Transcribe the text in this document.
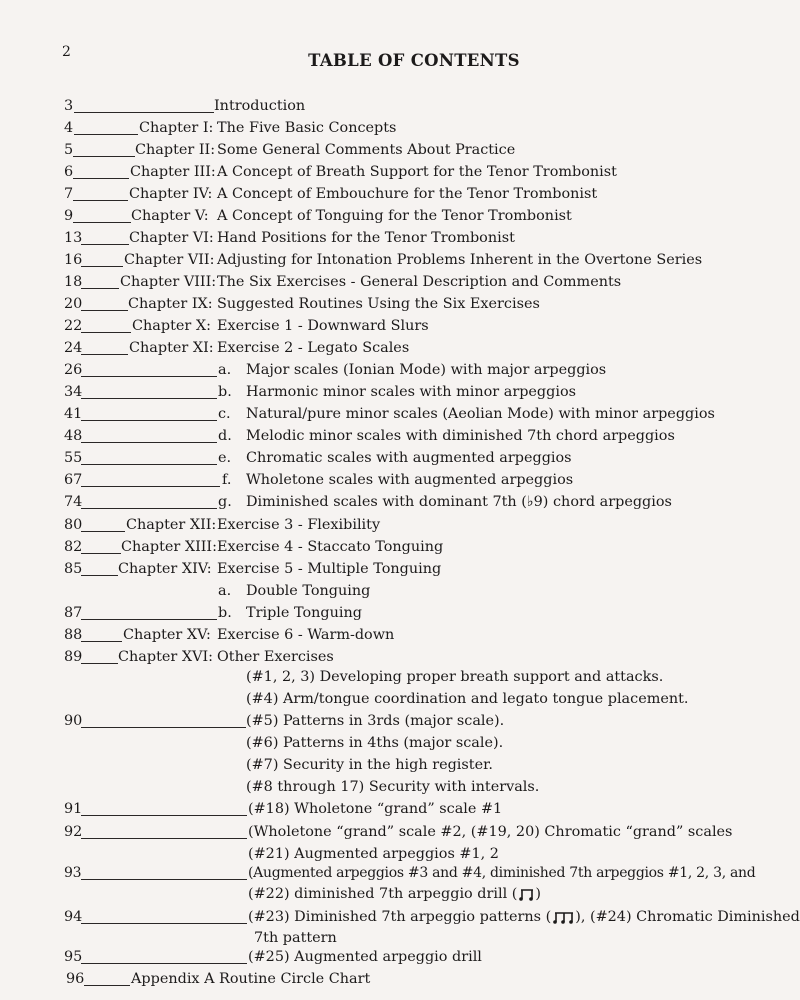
2	TABLE OF CONTENTS
3	Introduction
4	Chapter I: The Five Basic Concepts
5	Chapter II: Some General Comments About Practice
6	Chapter III: A Concept of Breath Support for the Tenor Trombonist
7	Chapter IV: A Concept of Embouchure for the Tenor Trombonist
9	Chapter V: A Concept of Tonguing for the Tenor Trombonist
13	Chapter VI: Hand Positions for the Tenor Trombonist
16	Chapter VII: Adjusting for Intonation Problems Inherent in the Overtone Series
18	Chapter VIII: The Six Exercises - General Description and Comments
20	Chapter IX: Suggested Routines Using the Six Exercises
22	Chapter X: Exercise 1 - Downward Slurs
24	Chapter XI: Exercise 2 - Legato Scales
26	a. Major scales (Ionian Mode) with major arpeggios
34	b. Harmonic minor scales with minor arpeggios
41	c. Natural/pure minor scales (Aeolian Mode) with minor arpeggios
48	d. Melodic minor scales with diminished 7th chord arpeggios
55	e. Chromatic scales with augmented arpeggios
67	f. Wholetone scales with augmented arpeggios
74	g. Diminished scales with dominant 7th (♭9) chord arpeggios
80	Chapter XII: Exercise 3 - Flexibility
82	Chapter XIII: Exercise 4 - Staccato Tonguing
85 Chapter XIV: Exercise 5 - Multiple Tonguing
a. Double Tonguing
87	b. Triple Tonguing
88	Chapter XV: Exercise 6 - Warm-down
89 Chapter XVI: Other Exercises
(#1, 2, 3) Developing proper breath support and attacks.
(#4) Arm/tongue coordination and legato tongue placement.
90	(#5) Patterns in 3rds (major scale).
(#6) Patterns in 4ths (major scale).
(#7) Security in the high register.
(#8 through 17) Security with intervals.
91	(#18) Wholetone “grand” scale #1
92	(Wholetone “grand” scale #2, (#19, 20) Chromatic “grand” scales
(#21) Augmented arpeggios #1, 2
93	(Augmented arpeggios #3 and #4, diminished 7th arpeggios #1, 2, 3, and
(#22) diminished 7th arpeggio drill ( )
94	(#23) Diminished 7th arpeggio patterns ( ), (#24) Chromatic Diminished
7th pattern
95	(#25) Augmented arpeggio drill
96	Appendix A Routine Circle Chart
